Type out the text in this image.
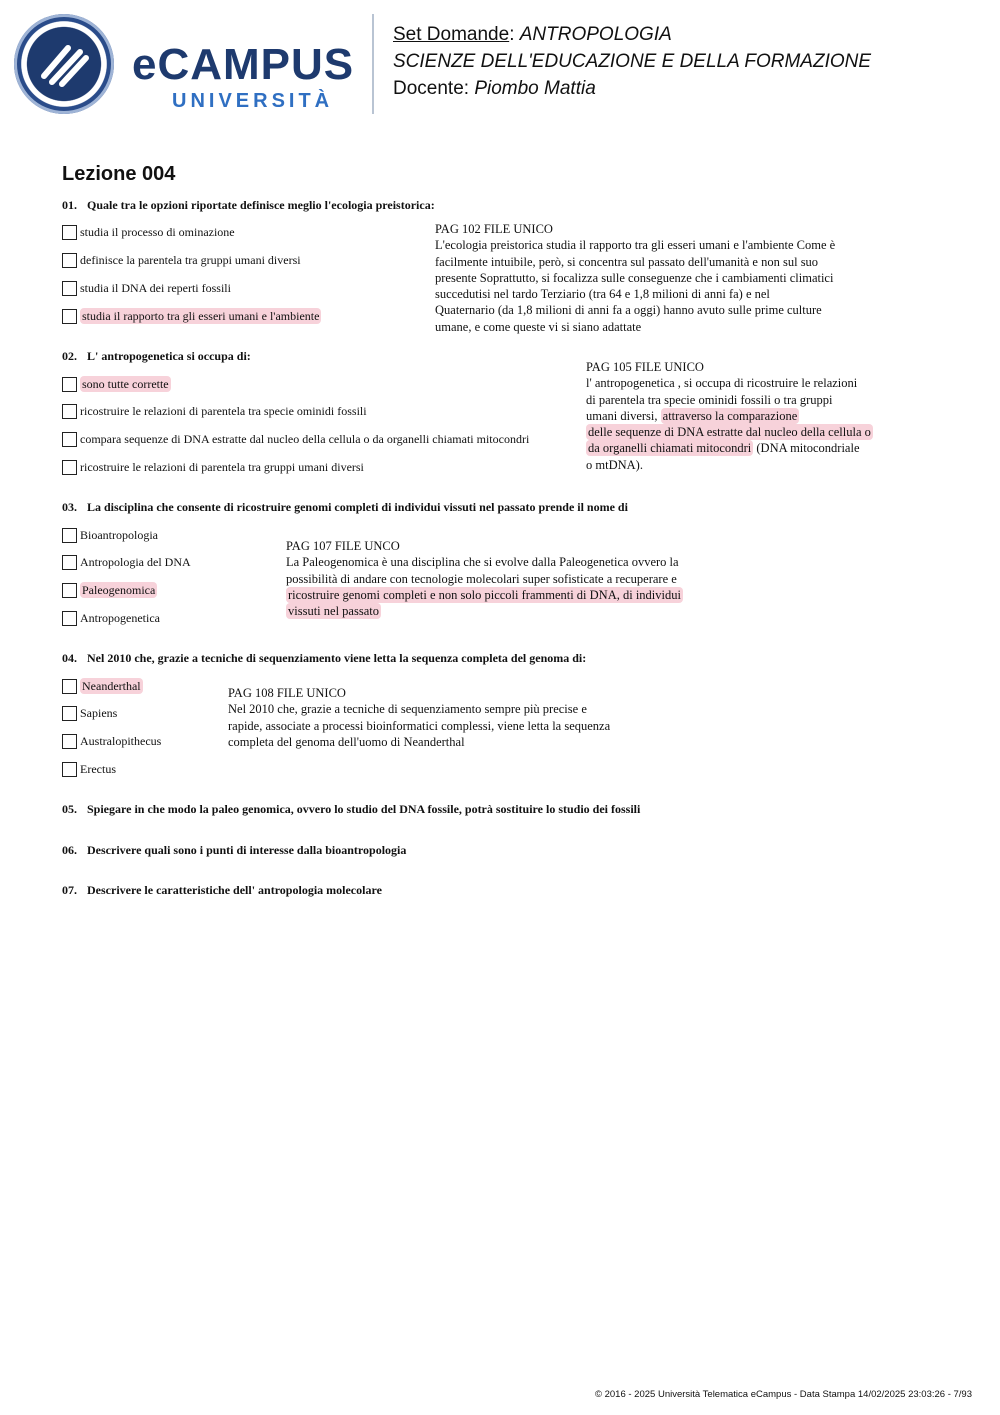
eCAMPUS
UNIVERSITÀ
Set Domande: ANTROPOLOGIA
SCIENZE DELL'EDUCAZIONE E DELLA FORMAZIONE
Docente: Piombo Mattia
Lezione 004
01. Quale tra le opzioni riportate definisce meglio l'ecologia preistorica:
studia il processo di ominazione
definisce la parentela tra gruppi umani diversi
studia il DNA dei reperti fossili
studia il rapporto tra gli esseri umani e l'ambiente
PAG 102 FILE UNICO
L'ecologia preistorica studia il rapporto tra gli esseri umani e l'ambiente Come è
facilmente intuibile, però, si concentra sul passato dell'umanità e non sul suo
presente Soprattutto, si focalizza sulle conseguenze che i cambiamenti climatici
succedutisi nel tardo Terziario (tra 64 e 1,8 milioni di anni fa) e nel
Quaternario (da 1,8 milioni di anni fa a oggi) hanno avuto sulle prime culture
umane, e come queste vi si siano adattate
02. L' antropogenetica si occupa di:
sono tutte corrette
ricostruire le relazioni di parentela tra specie ominidi fossili
compara sequenze di DNA estratte dal nucleo della cellula o da organelli chiamati mitocondri
ricostruire le relazioni di parentela tra gruppi umani diversi
PAG 105 FILE UNICO
l' antropogenetica , si occupa di ricostruire le relazioni
di parentela tra specie ominidi fossili o tra gruppi
umani diversi, attraverso la comparazione
delle sequenze di DNA estratte dal nucleo della cellula o
da organelli chiamati mitocondri (DNA mitocondriale
o mtDNA).
03. La disciplina che consente di ricostruire genomi completi di individui vissuti nel passato prende il nome di
Bioantropologia
Antropologia del DNA
Paleogenomica
Antropogenetica
PAG 107 FILE UNCO
La Paleogenomica è una disciplina che si evolve dalla Paleogenetica ovvero la
possibilità di andare con tecnologie molecolari super sofisticate a recuperare e
ricostruire genomi completi e non solo piccoli frammenti di DNA, di individui
vissuti nel passato
04. Nel 2010 che, grazie a tecniche di sequenziamento viene letta la sequenza completa del genoma di:
Neanderthal
Sapiens
Australopithecus
Erectus
PAG 108 FILE UNICO
Nel 2010 che, grazie a tecniche di sequenziamento sempre più precise e
rapide, associate a processi bioinformatici complessi, viene letta la sequenza
completa del genoma dell'uomo di Neanderthal
05. Spiegare in che modo la paleo genomica, ovvero lo studio del DNA fossile, potrà sostituire lo studio dei fossili
06. Descrivere quali sono i punti di interesse dalla bioantropologia
07. Descrivere le caratteristiche dell' antropologia molecolare
© 2016 - 2025 Università Telematica eCampus - Data Stampa 14/02/2025 23:03:26 - 7/93
